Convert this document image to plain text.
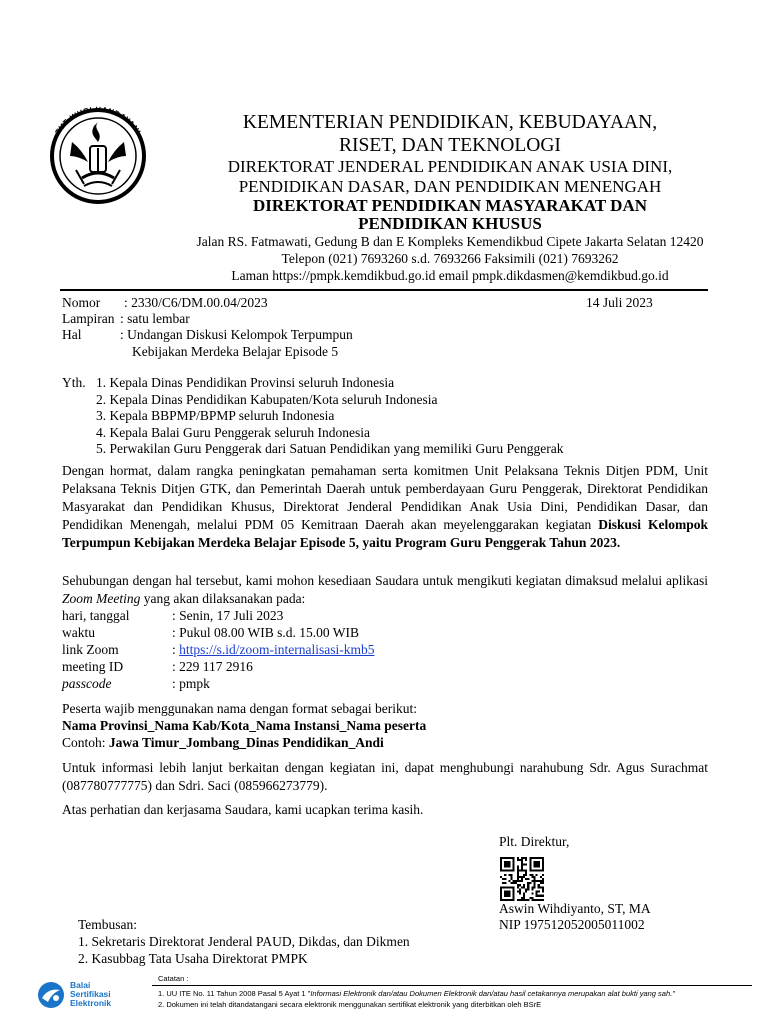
TUT WURI HANDAYANI	KEMENTERIAN PENDIDIKAN, KEBUDAYAAN,
RISET, DAN TEKNOLOGI
DIREKTORAT JENDERAL PENDIDIKAN ANAK USIA DINI,
PENDIDIKAN DASAR, DAN PENDIDIKAN MENENGAH
DIREKTORAT PENDIDIKAN MASYARAKAT DAN
PENDIDIKAN KHUSUS
Jalan RS. Fatmawati, Gedung B dan E Kompleks Kemendikbud Cipete Jakarta Selatan 12420
Telepon (021) 7693260 s.d. 7693266 Faksimili (021) 7693262
Laman https://pmpk.kemdikbud.go.id email pmpk.dikdasmen@kemdikbud.go.id
Nomor : 2330/C6/DM.00.04/2023	14 Juli 2023
Lampiran : satu lembar
Hal	: Undangan Diskusi Kelompok Terpumpun
Kebijakan Merdeka Belajar Episode 5
Yth. 1. Kepala Dinas Pendidikan Provinsi seluruh Indonesia
2. Kepala Dinas Pendidikan Kabupaten/Kota seluruh Indonesia
3. Kepala BBPMP/BPMP seluruh Indonesia
4. Kepala Balai Guru Penggerak seluruh Indonesia
5. Perwakilan Guru Penggerak dari Satuan Pendidikan yang memiliki Guru Penggerak
Dengan hormat, dalam rangka peningkatan pemahaman serta komitmen Unit Pelaksana Teknis Ditjen PDM, Unit Pelaksana Teknis Ditjen GTK, dan Pemerintah Daerah untuk pemberdayaan Guru Penggerak, Direktorat Pendidikan Masyarakat dan Pendidikan Khusus, Direktorat Jenderal Pendidikan Anak Usia Dini, Pendidikan Dasar, dan Pendidikan Menengah, melalui PDM 05 Kemitraan Daerah akan meyelenggarakan kegiatan Diskusi Kelompok Terpumpun Kebijakan Merdeka Belajar Episode 5, yaitu Program Guru Penggerak Tahun 2023.
Sehubungan dengan hal tersebut, kami mohon kesediaan Saudara untuk mengikuti kegiatan dimaksud melalui aplikasi Zoom Meeting yang akan dilaksanakan pada:
hari, tanggal	: Senin, 17 Juli 2023
waktu	: Pukul 08.00 WIB s.d. 15.00 WIB
link Zoom	: https://s.id/zoom-internalisasi-kmb5
meeting ID	: 229 117 2916
passcode	: pmpk
Peserta wajib menggunakan nama dengan format sebagai berikut:
Nama Provinsi_Nama Kab/Kota_Nama Instansi_Nama peserta
Contoh: Jawa Timur_Jombang_Dinas Pendidikan_Andi
Untuk informasi lebih lanjut berkaitan dengan kegiatan ini, dapat menghubungi narahubung Sdr. Agus Surachmat (087780777775) dan Sdri. Saci (085966273779).
Atas perhatian dan kerjasama Saudara, kami ucapkan terima kasih.
Plt. Direktur,
Aswin Wihdiyanto, ST, MA
NIP 197512052005011002
Tembusan:
1. Sekretaris Direktorat Jenderal PAUD, Dikdas, dan Dikmen
2. Kasubbag Tata Usaha Direktorat PMPK
Balai
Sertifikasi
Elektronik
Catatan :
1. UU ITE No. 11 Tahun 2008 Pasal 5 Ayat 1 "Informasi Elektronik dan/atau Dokumen Elektronik dan/atau hasil cetakannya merupakan alat bukti yang sah."
2. Dokumen ini telah ditandatangani secara elektronik menggunakan sertifikat elektronik yang diterbitkan oleh BSrE
